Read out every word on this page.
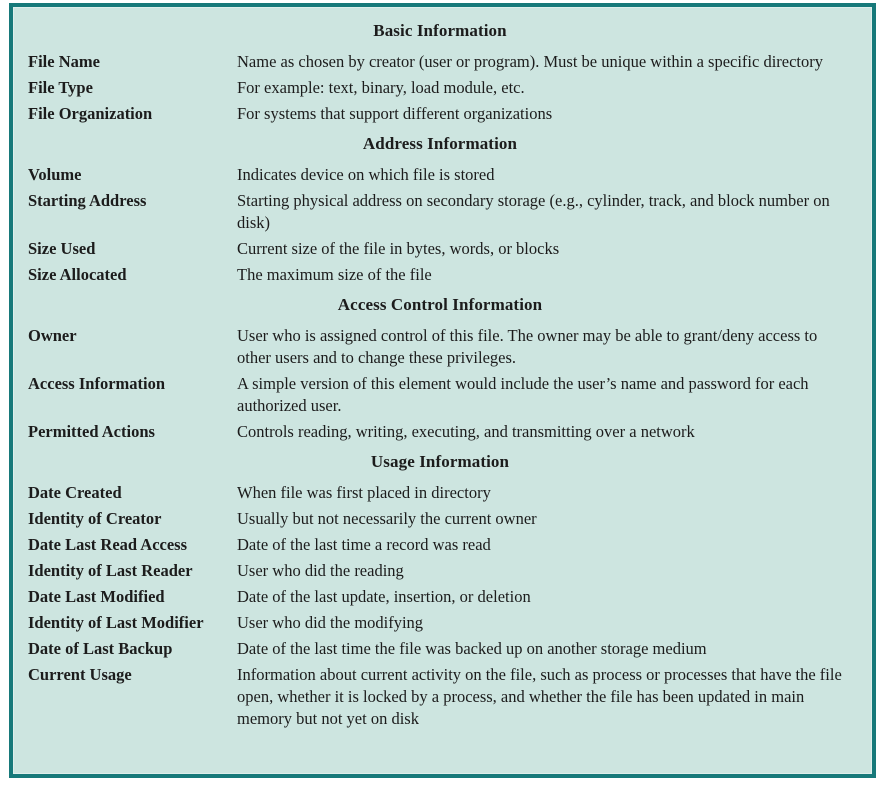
Basic Information
File Name	Name as chosen by creator (user or program). Must be unique within a specific directory
File Type	For example: text, binary, load module, etc.
File Organization	For systems that support different organizations
Address Information
Volume	Indicates device on which file is stored
Starting Address	Starting physical address on secondary storage (e.g., cylinder, track, and block number on disk)
Size Used	Current size of the file in bytes, words, or blocks
Size Allocated	The maximum size of the file
Access Control Information
Owner	User who is assigned control of this file. The owner may be able to grant/deny access to other users and to change these privileges.
Access Information	A simple version of this element would include the user’s name and password for each authorized user.
Permitted Actions	Controls reading, writing, executing, and transmitting over a network
Usage Information
Date Created	When file was first placed in directory
Identity of Creator	Usually but not necessarily the current owner
Date Last Read Access	Date of the last time a record was read
Identity of Last Reader	User who did the reading
Date Last Modified	Date of the last update, insertion, or deletion
Identity of Last Modifier	User who did the modifying
Date of Last Backup	Date of the last time the file was backed up on another storage medium
Current Usage	Information about current activity on the file, such as process or processes that have the file open, whether it is locked by a process, and whether the file has been updated in main memory but not yet on disk
